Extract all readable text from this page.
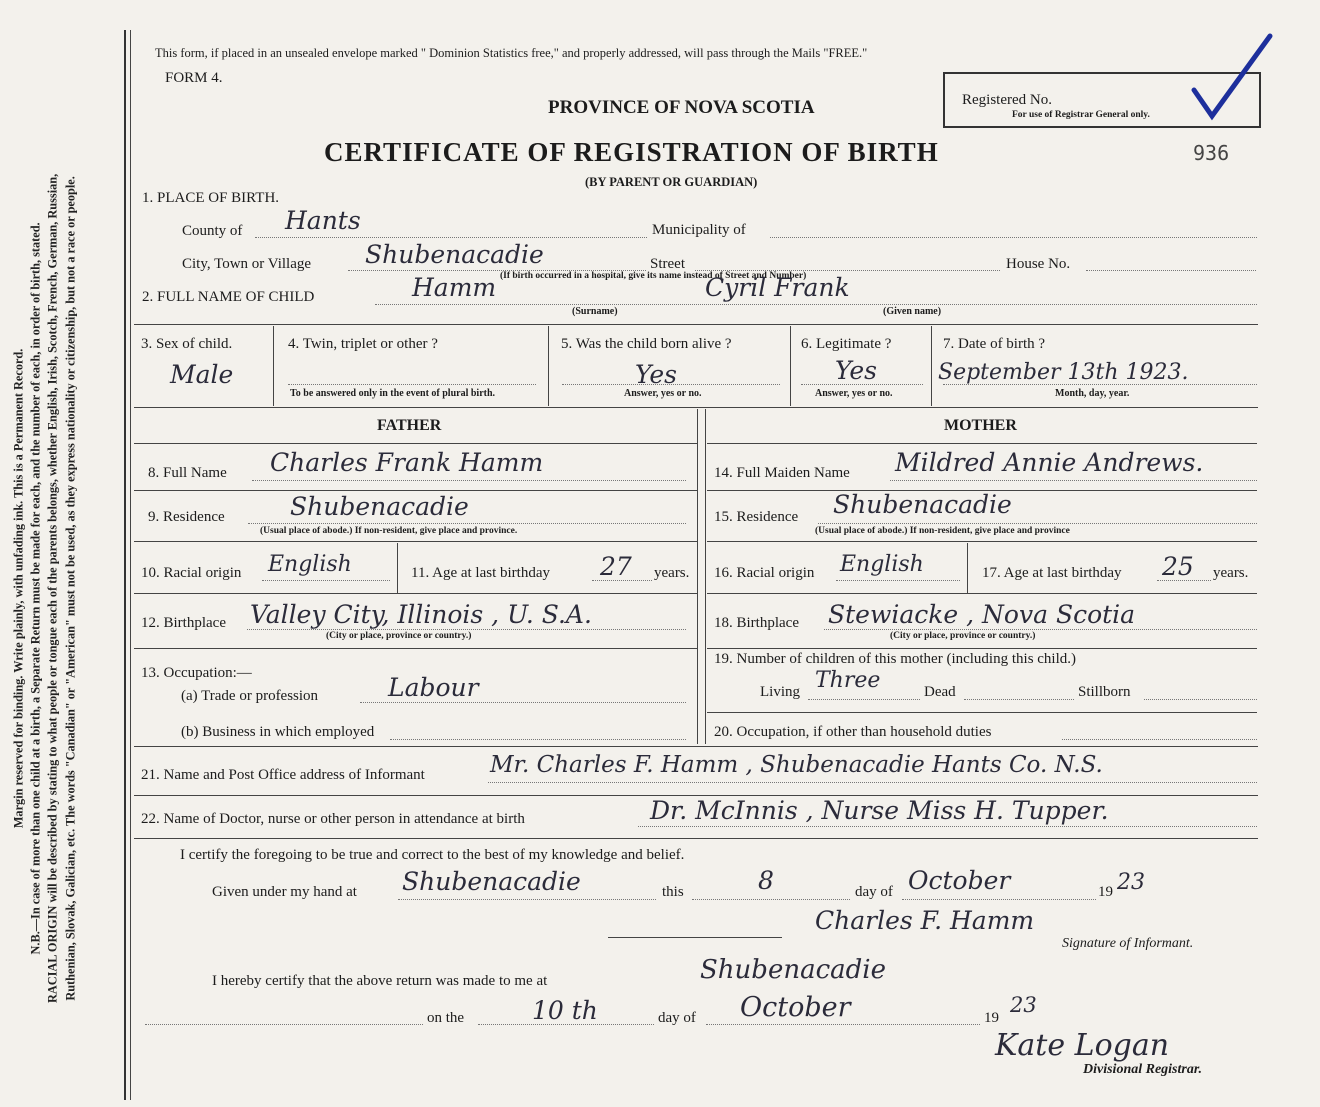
Margin reserved for binding. Write plainly, with unfading ink. This is a Permanent Record. N.B.—In case of more than one child at a birth, a Separate Return must be made for each, and the number of each, in order of birth, stated. RACIAL ORIGIN will be described by stating to what people or tongue each of the parents belongs, whether English, Irish, Scotch, French, German, Russian, Ruthenian, Slovak, Galician, etc. The words "Canadian" or "American" must not be used, as they express nationality or citizenship, but not a race or people.
This form, if placed in an unsealed envelope marked " Dominion Statistics free," and properly addressed, will pass through the Mails "FREE."
FORM 4.
PROVINCE OF NOVA SCOTIA
CERTIFICATE OF REGISTRATION OF BIRTH
(BY PARENT OR GUARDIAN)
Registered No.
For use of Registrar General only.
936
1. PLACE OF BIRTH.
County of Hants	Municipality of
City, Town or Village Shubenacadie	Street	House No.
(If birth occurred in a hospital, give its name instead of Street and Number)
2. FULL NAME OF CHILD	Hamm	Cyril Frank
(Surname)	(Given name)
3. Sex of child.
Male
4. Twin, triplet or other ?
To be answered only in the event of plural birth.
5. Was the child born alive ?
Yes
Answer, yes or no.
6. Legitimate ?
Yes
Answer, yes or no.
7. Date of birth ?
September 13th 1923.
Month, day, year.
FATHER	MOTHER
8. Full Name Charles Frank Hamm
9. Residence	Shubenacadie
(Usual place of abode.) If non-resident, give place and province.
10. Racial origin English	11. Age at last birthday 27 years.
12. Birthplace Valley City, Illinois , U. S.A.
(City or place, province or country.)
13. Occupation:—
(a) Trade or profession	Labour
(b) Business in which employed
14. Full Maiden Name Mildred Annie Andrews.
15. Residence Shubenacadie
(Usual place of abode.) If non-resident, give place and province
16. Racial origin English	17. Age at last birthday 25 years.
18. Birthplace Stewiacke , Nova Scotia
(City or place, province or country.)
19. Number of children of this mother (including this child.)
Living Three	Dead	Stillborn
20. Occupation, if other than household duties
21. Name and Post Office address of Informant	Mr. Charles F. Hamm , Shubenacadie Hants Co. N.S.
22. Name of Doctor, nurse or other person in attendance at birth	Dr. McInnis , Nurse Miss H. Tupper.
I certify the foregoing to be true and correct to the best of my knowledge and belief.
Given under my hand at Shubenacadie	this	8	day of October	19 23
Charles F. Hamm
Signature of Informant.
I hereby certify that the above return was made to me at	Shubenacadie
on the	10 th	day of October	19
23
Kate Logan
Divisional Registrar.
